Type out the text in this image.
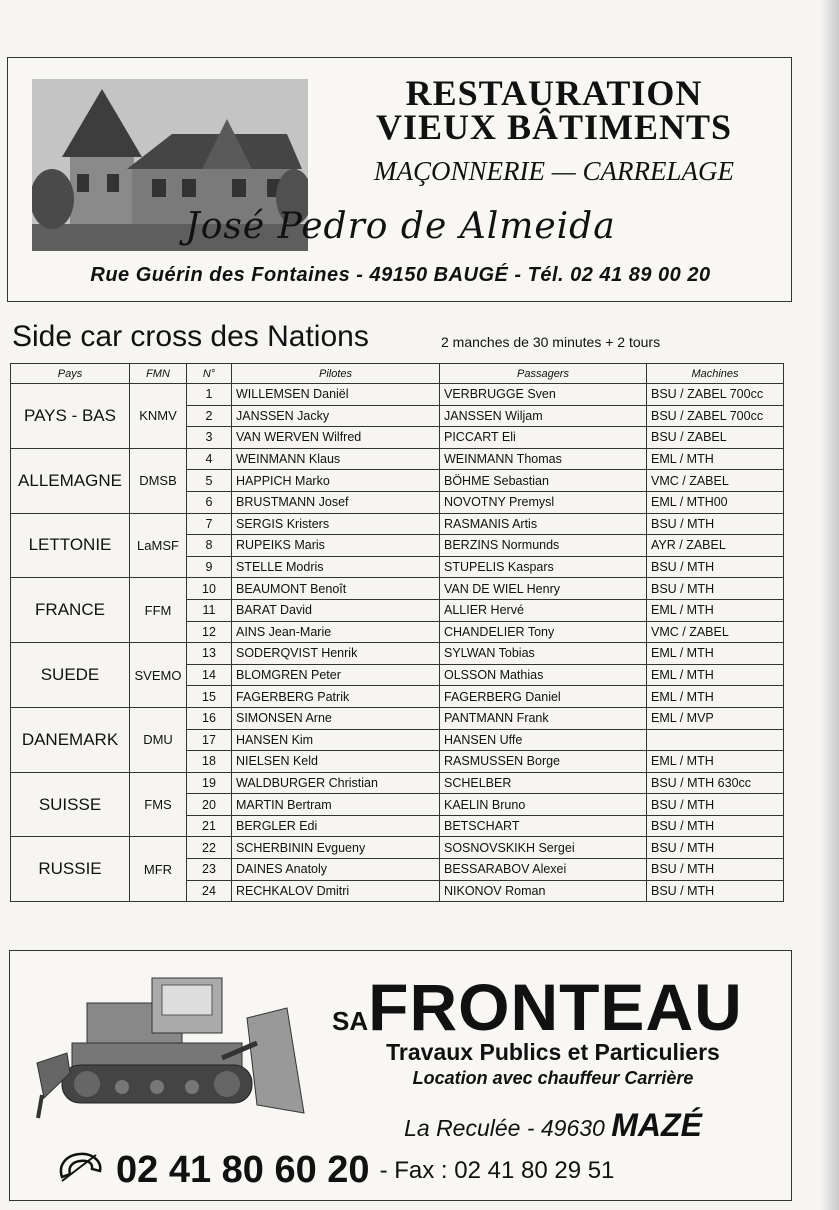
RESTAURATION
VIEUX BÂTIMENTS
MAÇONNERIE — CARRELAGE
José Pedro de Almeida
Rue Guérin des Fontaines - 49150 BAUGÉ - Tél. 02 41 89 00 20
Side car cross des Nations	2 manches de 30 minutes + 2 tours
Pays	FMN	N°	Pilotes	Passagers	Machines
PAYS - BAS	KNMV	1	WILLEMSEN Daniël	VERBRUGGE Sven	BSU / ZABEL 700cc
		2	JANSSEN Jacky	JANSSEN Wiljam	BSU / ZABEL 700cc
		3	VAN WERVEN Wilfred	PICCART Eli	BSU / ZABEL
ALLEMAGNE	DMSB	4	WEINMANN Klaus	WEINMANN Thomas	EML / MTH
		5	HAPPICH Marko	BÖHME Sebastian	VMC / ZABEL
		6	BRUSTMANN Josef	NOVOTNY Premysl	EML / MTH00
LETTONIE	LaMSF	7	SERGIS Kristers	RASMANIS Artis	BSU / MTH
		8	RUPEIKS Maris	BERZINS Normunds	AYR / ZABEL
		9	STELLE Modris	STUPELIS Kaspars	BSU / MTH
FRANCE	FFM	10	BEAUMONT Benoît	VAN DE WIEL Henry	BSU / MTH
		11	BARAT David	ALLIER Hervé	EML / MTH
		12	AINS Jean-Marie	CHANDELIER Tony	VMC / ZABEL
SUEDE	SVEMO	13	SODERQVIST Henrik	SYLWAN Tobias	EML / MTH
		14	BLOMGREN Peter	OLSSON Mathias	EML / MTH
		15	FAGERBERG Patrik	FAGERBERG Daniel	EML / MTH
DANEMARK	DMU	16	SIMONSEN Arne	PANTMANN Frank	EML / MVP
		17	HANSEN Kim	HANSEN Uffe	
		18	NIELSEN Keld	RASMUSSEN Borge	EML / MTH
SUISSE	FMS	19	WALDBURGER Christian	SCHELBER	BSU / MTH 630cc
		20	MARTIN Bertram	KAELIN Bruno	BSU / MTH
		21	BERGLER Edi	BETSCHART	BSU / MTH
RUSSIE	MFR	22	SCHERBININ Evgueny	SOSNOVSKIKH Sergei	BSU / MTH
		23	DAINES Anatoly	BESSARABOV Alexei	BSU / MTH
		24	RECHKALOV Dmitri	NIKONOV Roman	BSU / MTH
SAFRONTEAU
Travaux Publics et Particuliers
Location avec chauffeur Carrière
La Reculée - 49630 MAZÉ
02 41 80 60 20 - Fax : 02 41 80 29 51
